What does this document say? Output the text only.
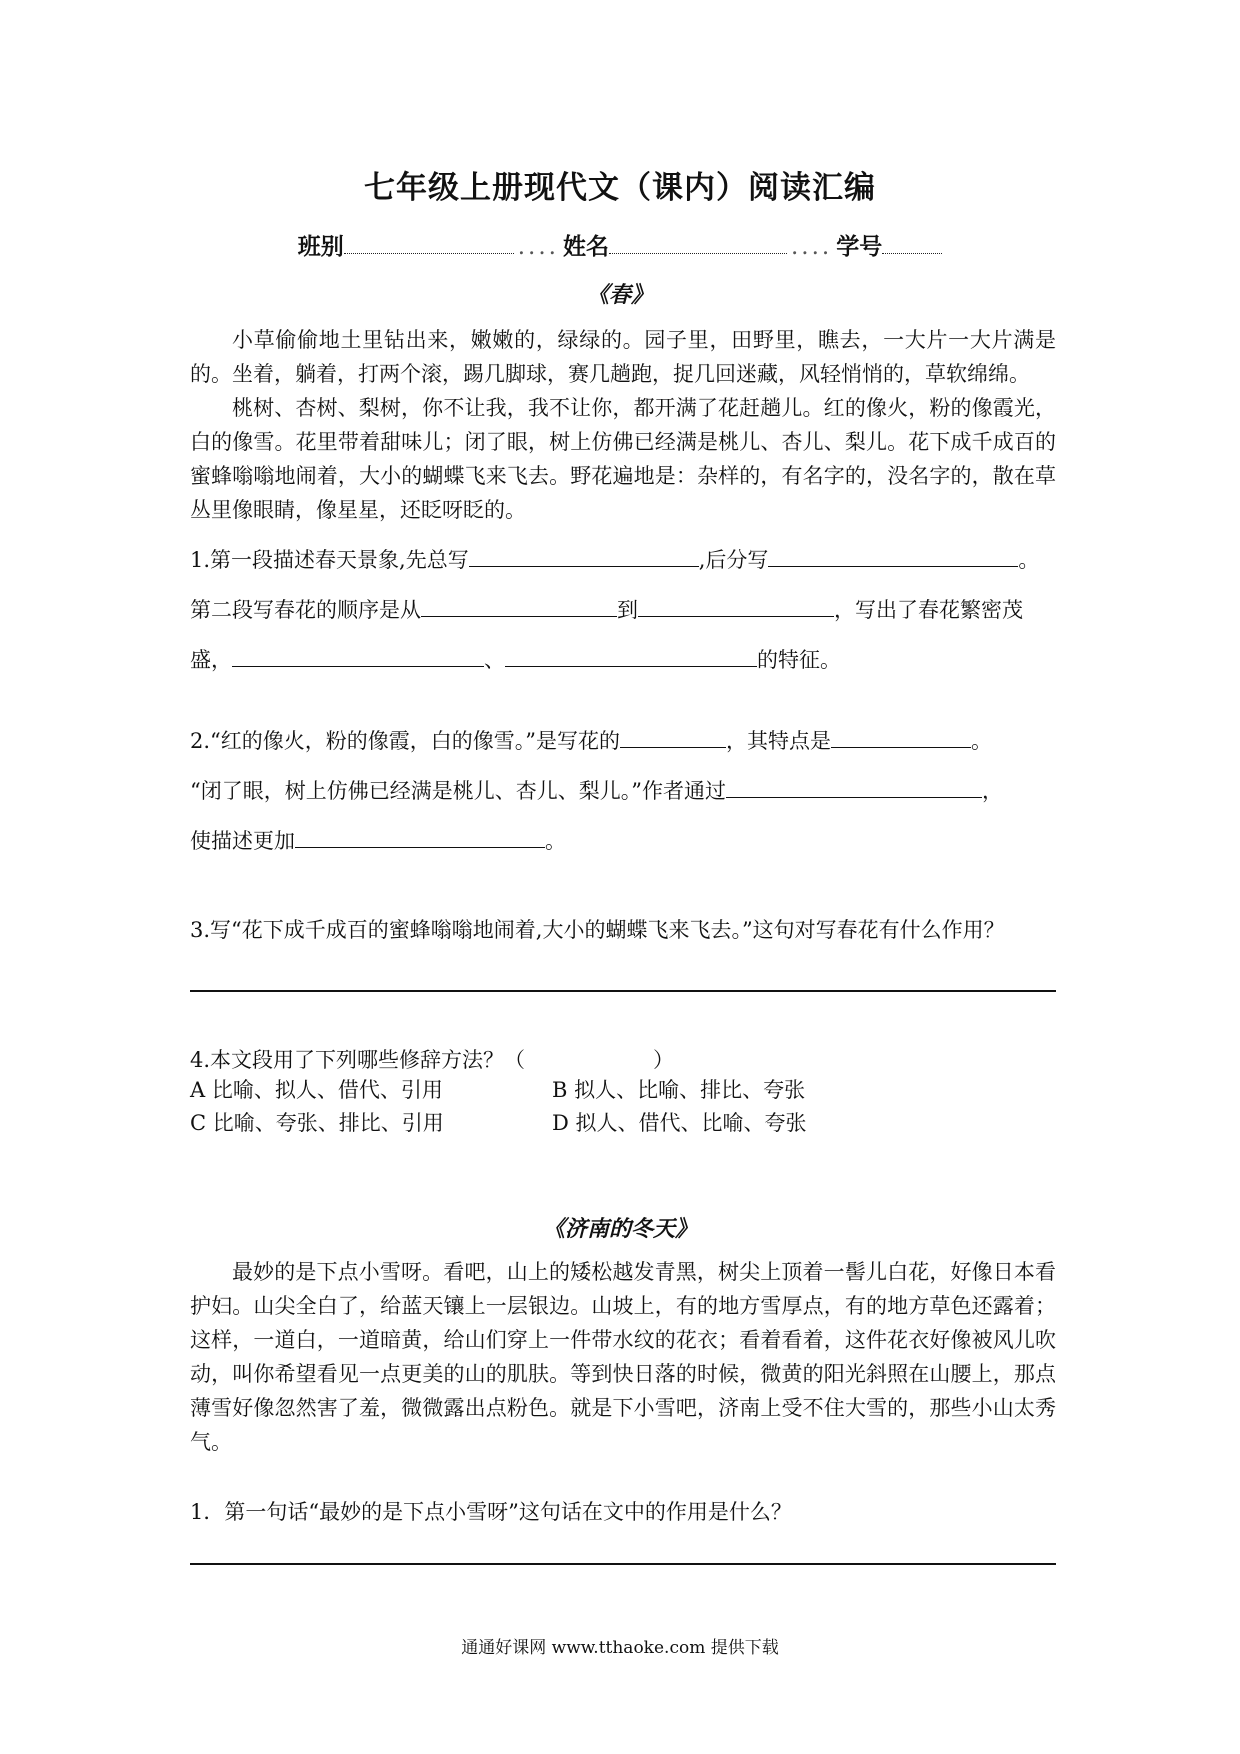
七年级上册现代文（课内）阅读汇编
班别	.... 姓名	.... 学号
《春》
小草偷偷地土里钻出来，嫩嫩的，绿绿的。园子里，田野里，瞧去，一大片一大片满是的。坐着，躺着，打两个滚，踢几脚球，赛几趟跑，捉几回迷藏，风轻悄悄的，草软绵绵。
桃树、杏树、梨树，你不让我，我不让你，都开满了花赶趟儿。红的像火，粉的像霞光，白的像雪。花里带着甜味儿；闭了眼，树上仿佛已经满是桃儿、杏儿、梨儿。花下成千成百的蜜蜂嗡嗡地闹着，大小的蝴蝶飞来飞去。野花遍地是：杂样的，有名字的，没名字的，散在草丛里像眼睛，像星星，还眨呀眨的。
1.第一段描述春天景象,先总写	,后分写	。
第二段写春花的顺序是从	到	，写出了春花繁密茂
盛，	、	的特征。
2.“红的像火，粉的像霞，白的像雪。”是写花的	，其特点是	。
“闭了眼，树上仿佛已经满是桃儿、杏儿、梨儿。”作者通过	，
使描述更加	。
3.写“花下成千成百的蜜蜂嗡嗡地闹着,大小的蝴蝶飞来飞去。”这句对写春花有什么作用？
4.本文段用了下列哪些修辞方法？（	）
A 比喻、拟人、借代、引用	B 拟人、比喻、排比、夸张
C 比喻、夸张、排比、引用	D 拟人、借代、比喻、夸张
《济南的冬天》
最妙的是下点小雪呀。看吧，山上的矮松越发青黑，树尖上顶着一髻儿白花，好像日本看护妇。山尖全白了，给蓝天镶上一层银边。山坡上，有的地方雪厚点，有的地方草色还露着；这样，一道白，一道暗黄，给山们穿上一件带水纹的花衣；看着看着，这件花衣好像被风儿吹动，叫你希望看见一点更美的山的肌肤。等到快日落的时候，微黄的阳光斜照在山腰上，那点薄雪好像忽然害了羞，微微露出点粉色。就是下小雪吧，济南上受不住大雪的，那些小山太秀气。
1．第一句话“最妙的是下点小雪呀”这句话在文中的作用是什么？
通通好课网 www.tthaoke.com 提供下载
